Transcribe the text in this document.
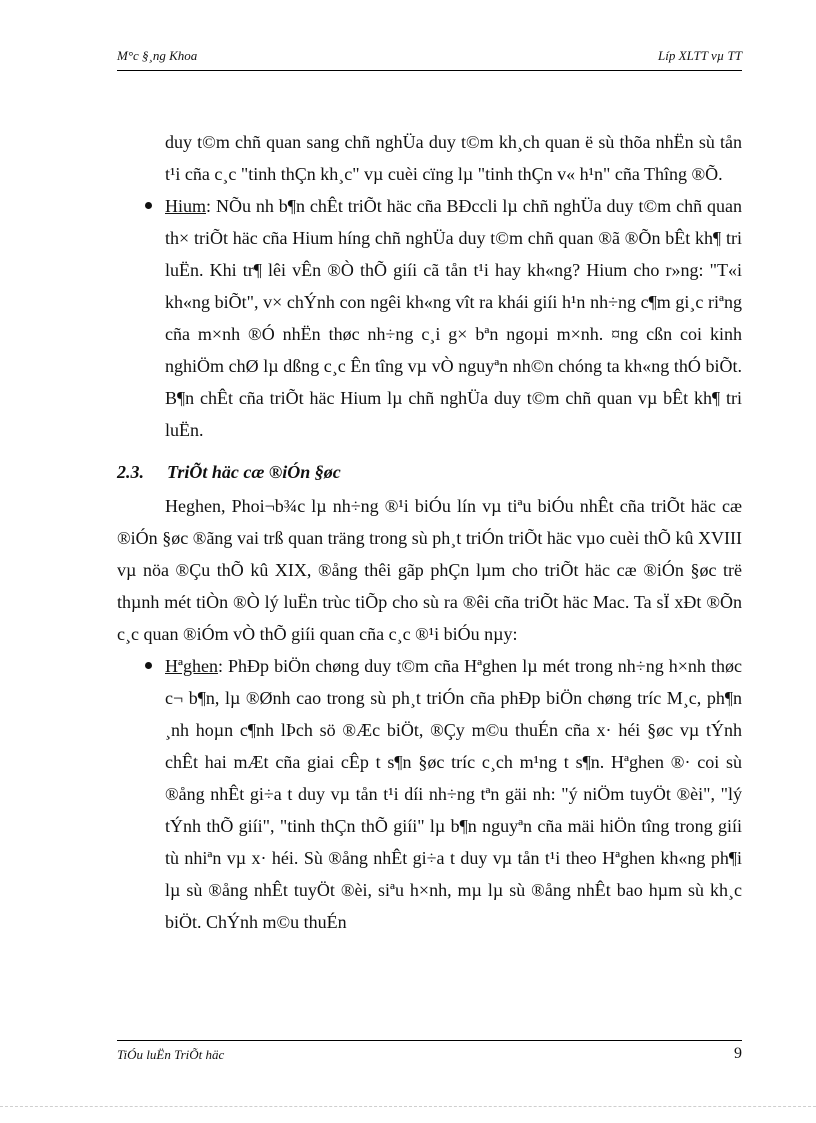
M°c §¸ng Khoa	Líp XLTT vµ TT

duy t©m chñ quan sang chñ nghÜa duy t©m kh¸ch quan ë sù thõa nhËn sù tån t¹i cña c¸c "tinh thÇn kh¸c" vµ cuèi cïng lµ "tinh thÇn v« h¹n" cña Thîng ®Õ.

Hium: NÕu nh b¶n chÊt triÕt häc cña BÐccli lµ chñ nghÜa duy t©m chñ quan th× triÕt häc cña Hium híng chñ nghÜa duy t©m chñ quan ®ã ®Õn bÊt kh¶ tri luËn. Khi tr¶ lêi vÊn ®Ò thÕ giíi cã tån t¹i hay kh«ng? Hium cho r»ng: "T«i kh«ng biÕt", v× chÝnh con ngêi kh«ng vît ra khái giíi h¹n nh÷ng c¶m gi¸c riªng cña m×nh ®Ó nhËn thøc nh÷ng c¸i g× bªn ngoµi m×nh. ¤ng cßn coi kinh nghiÖm chØ lµ dßng c¸c Ên tîng vµ vÒ nguyªn nh©n chóng ta kh«ng thÓ biÕt. B¶n chÊt cña triÕt häc Hium lµ chñ nghÜa duy t©m chñ quan vµ bÊt kh¶ tri luËn.

2.3. TriÕt häc cæ ®iÓn §øc

Heghen, Phoi¬b¾c lµ nh÷ng ®¹i biÓu lín vµ tiªu biÓu nhÊt cña triÕt häc cæ ®iÓn §øc ®ãng vai trß quan träng trong sù ph¸t triÓn triÕt häc vµo cuèi thÕ kû XVIII vµ nöa ®Çu thÕ kû XIX, ®ång thêi gãp phÇn lµm cho triÕt häc cæ ®iÓn §øc trë thµnh mét tiÒn ®Ò lý luËn trùc tiÕp cho sù ra ®êi cña triÕt häc Mac. Ta sÏ xÐt ®Õn c¸c quan ®iÓm vÒ thÕ giíi quan cña c¸c ®¹i biÓu nµy:

Hªghen: PhÐp biÖn chøng duy t©m cña Hªghen lµ mét trong nh÷ng h×nh thøc c¬ b¶n, lµ ®Ønh cao trong sù ph¸t triÓn cña phÐp biÖn chøng tríc M¸c, ph¶n ¸nh hoµn c¶nh lÞch sö ®Æc biÖt, ®Çy m©u thuÉn cña x· héi §øc vµ tÝnh chÊt hai mÆt cña giai cÊp t s¶n §øc tríc c¸ch m¹ng t s¶n. Hªghen ®· coi sù ®ång nhÊt gi÷a t duy vµ tån t¹i díi nh÷ng tªn gäi nh: "ý niÖm tuyÖt ®èi", "lý tÝnh thÕ giíi", "tinh thÇn thÕ giíi" lµ b¶n nguyªn cña mäi hiÖn tîng trong giíi tù nhiªn vµ x· héi. Sù ®ång nhÊt gi÷a t duy vµ tån t¹i theo Hªghen kh«ng ph¶i lµ sù ®ång nhÊt tuyÖt ®èi, siªu h×nh, mµ lµ sù ®ång nhÊt bao hµm sù kh¸c biÖt. ChÝnh m©u thuÉn

TiÓu luËn TriÕt häc	9
